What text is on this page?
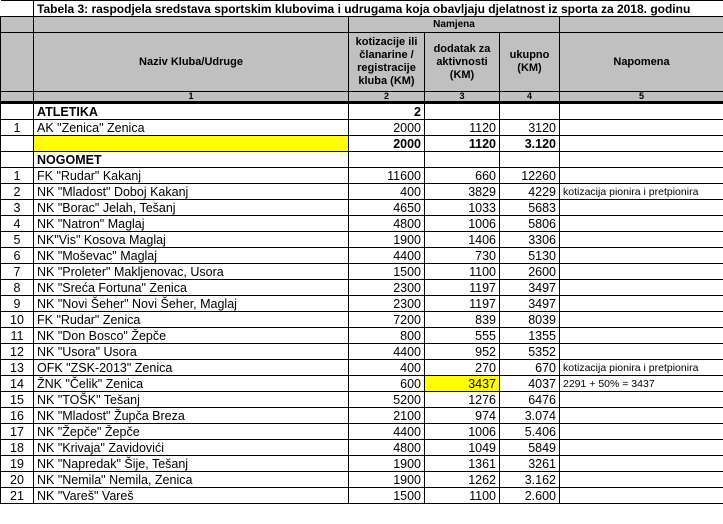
	Tabela 3: raspodjela sredstava sportskim klubovima i udrugama koja obavljaju djelatnost iz sporta za 2018. godinu				
		Namjena			
	Naziv Kluba/Udruge	kotizacije ili članarine / registracije kluba (KM)	dodatak za aktivnosti (KM)	ukupno (KM)	Napomena
	1	2	3	4	5
	ATLETIKA	2			
1	AK "Zenica" Zenica	2000	1120	3120	
		2000	1120	3.120	
	NOGOMET				
1	FK "Rudar" Kakanj	11600	660	12260	
2	NK "Mladost" Doboj Kakanj	400	3829	4229	kotizacija pionira i pretpionira
3	NK "Borac" Jelah, Tešanj	4650	1033	5683	
4	NK "Natron" Maglaj	4800	1006	5806	
5	NK"Vis" Kosova Maglaj	1900	1406	3306	
6	NK "Moševac" Maglaj	4400	730	5130	
7	NK "Proleter" Makljenovac, Usora	1500	1100	2600	
8	NK "Sreća Fortuna" Zenica	2300	1197	3497	
9	NK "Novi Šeher" Novi Šeher, Maglaj	2300	1197	3497	
10	FK "Rudar" Zenica	7200	839	8039	
11	NK "Don Bosco" Žepče	800	555	1355	
12	NK "Usora" Usora	4400	952	5352	
13	OFK "ZSK-2013" Zenica	400	270	670	kotizacija pionira i pretpionira
14	ŽNK "Čelik" Zenica	600	3437	4037	2291 + 50% = 3437
15	NK "TOŠK" Tešanj	5200	1276	6476	
16	NK "Mladost" Župča Breza	2100	974	3.074	
17	NK "Žepče" Žepče	4400	1006	5.406	
18	NK "Krivaja" Zavidovići	4800	1049	5849	
19	NK "Napredak" Šije, Tešanj	1900	1361	3261	
20	NK "Nemila" Nemila, Zenica	1900	1262	3.162	
21	NK "Vareš" Vareš	1500	1100	2.600	
